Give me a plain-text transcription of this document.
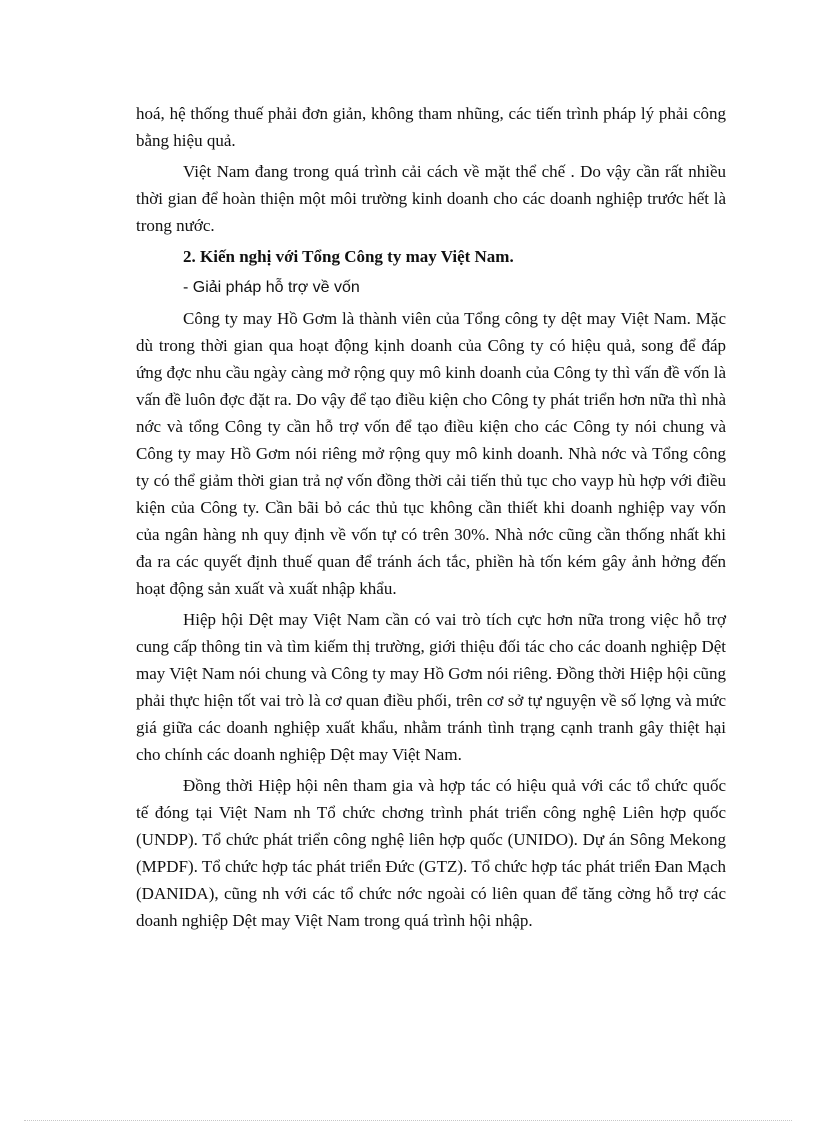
hoá, hệ thống thuế phải đơn giản, không tham nhũng, các tiến trình pháp lý phải công bằng hiệu quả.

Việt Nam đang trong quá trình cải cách về mặt thể chế . Do vậy cần rất nhiều thời gian để hoàn thiện một môi trường kinh doanh cho các doanh nghiệp trước hết là trong nước.

2. Kiến nghị với Tổng Công ty may Việt Nam.

- Giải pháp hỗ trợ về vốn

Công ty may Hồ Gơm là thành viên của Tổng công ty dệt may Việt Nam. Mặc dù trong thời gian qua hoạt động kịnh doanh của Công ty có hiệu quả, song để đáp ứng đợc nhu cầu ngày càng mở rộng quy mô kinh doanh của Công ty thì vấn đề vốn là vấn đề luôn đợc đặt ra. Do vậy để tạo điều kiện cho Công ty phát triển hơn nữa thì nhà nớc và tổng Công ty cần hỗ trợ vốn để tạo điều kiện cho các Công ty nói chung và Công ty may Hồ Gơm nói riêng mở rộng quy mô kinh doanh. Nhà nớc và Tổng công ty có thể giảm thời gian trả nợ vốn đồng thời cải tiến thủ tục cho vayp hù hợp với điều kiện của Công ty. Cần bãi bỏ các thủ tục không cần thiết khi doanh nghiệp vay vốn của ngân hàng nh quy định về vốn tự có trên 30%. Nhà nớc cũng cần thống nhất khi đa ra các quyết định thuế quan để tránh ách tắc, phiền hà tốn kém gây ảnh hởng đến hoạt động sản xuất và xuất nhập khẩu.

Hiệp hội Dệt may Việt Nam cần có vai trò tích cực hơn nữa trong việc hỗ trợ cung cấp thông tin và tìm kiếm thị trường, giới thiệu đối tác cho các doanh nghiệp Dệt may Việt Nam nói chung và Công ty may Hồ Gơm nói riêng. Đồng thời Hiệp hội cũng phải thực hiện tốt vai trò là cơ quan điều phối, trên cơ sở tự nguyện về số lợng và mức giá giữa các doanh nghiệp xuất khẩu, nhằm tránh tình trạng cạnh tranh gây thiệt hại cho chính các doanh nghiệp Dệt may Việt Nam.

Đồng thời Hiệp hội nên tham gia và hợp tác có hiệu quả với các tổ chức quốc tế đóng tại Việt Nam nh Tổ chức chơng trình phát triển công nghệ Liên hợp quốc (UNDP). Tổ chức phát triển công nghệ liên hợp quốc (UNIDO). Dự án Sông Mekong (MPDF). Tổ chức hợp tác phát triển Đức (GTZ). Tổ chức hợp tác phát triển Đan Mạch (DANIDA), cũng nh với các tổ chức nớc ngoài có liên quan để tăng cờng hỗ trợ các doanh nghiệp Dệt may Việt Nam trong quá trình hội nhập.
